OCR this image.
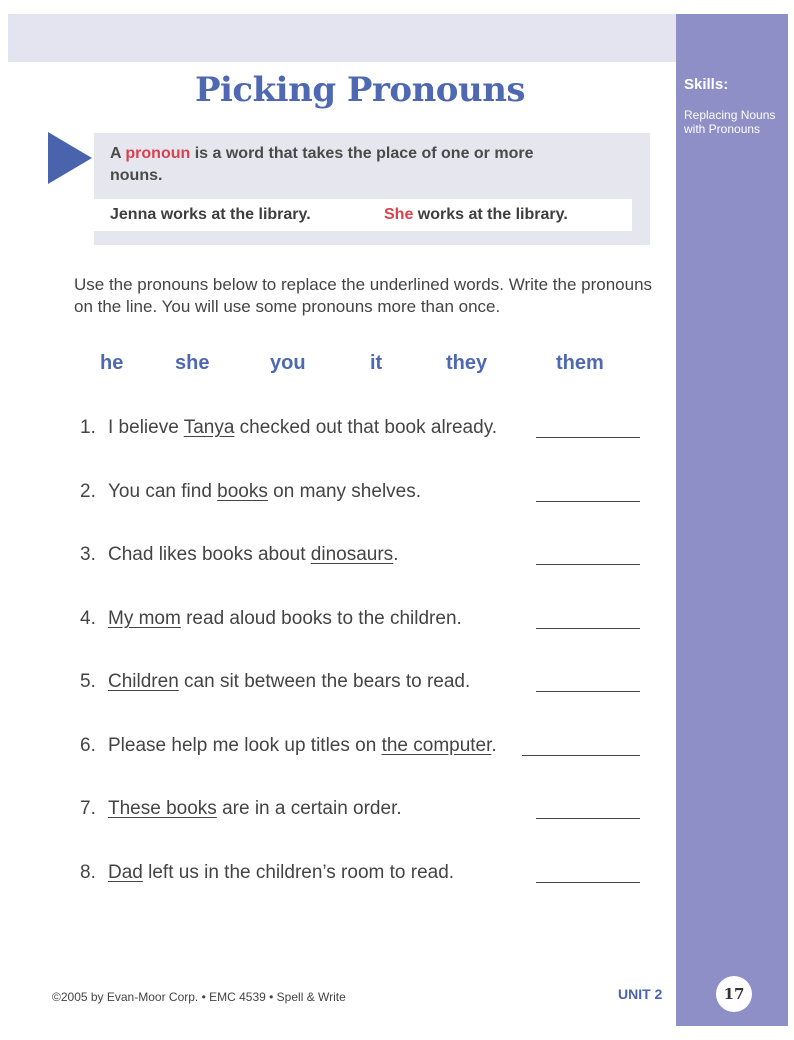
Skills:
Replacing Nouns with Pronouns
Picking Pronouns

A pronoun is a word that takes the place of one or more nouns.

Jenna works at the library.	She works at the library.

Use the pronouns below to replace the underlined words. Write the pronouns on the line. You will use some pronouns more than once.

he	she	you	it	they	them
1. I believe Tanya checked out that book already.
2. You can find books on many shelves.
3. Chad likes books about dinosaurs.
4. My mom read aloud books to the children.
5. Children can sit between the bears to read.
6. Please help me look up titles on the computer.
7. These books are in a certain order.
8. Dad left us in the children’s room to read.
©2005 by Evan-Moor Corp. • EMC 4539 • Spell & Write	UNIT 2	17
